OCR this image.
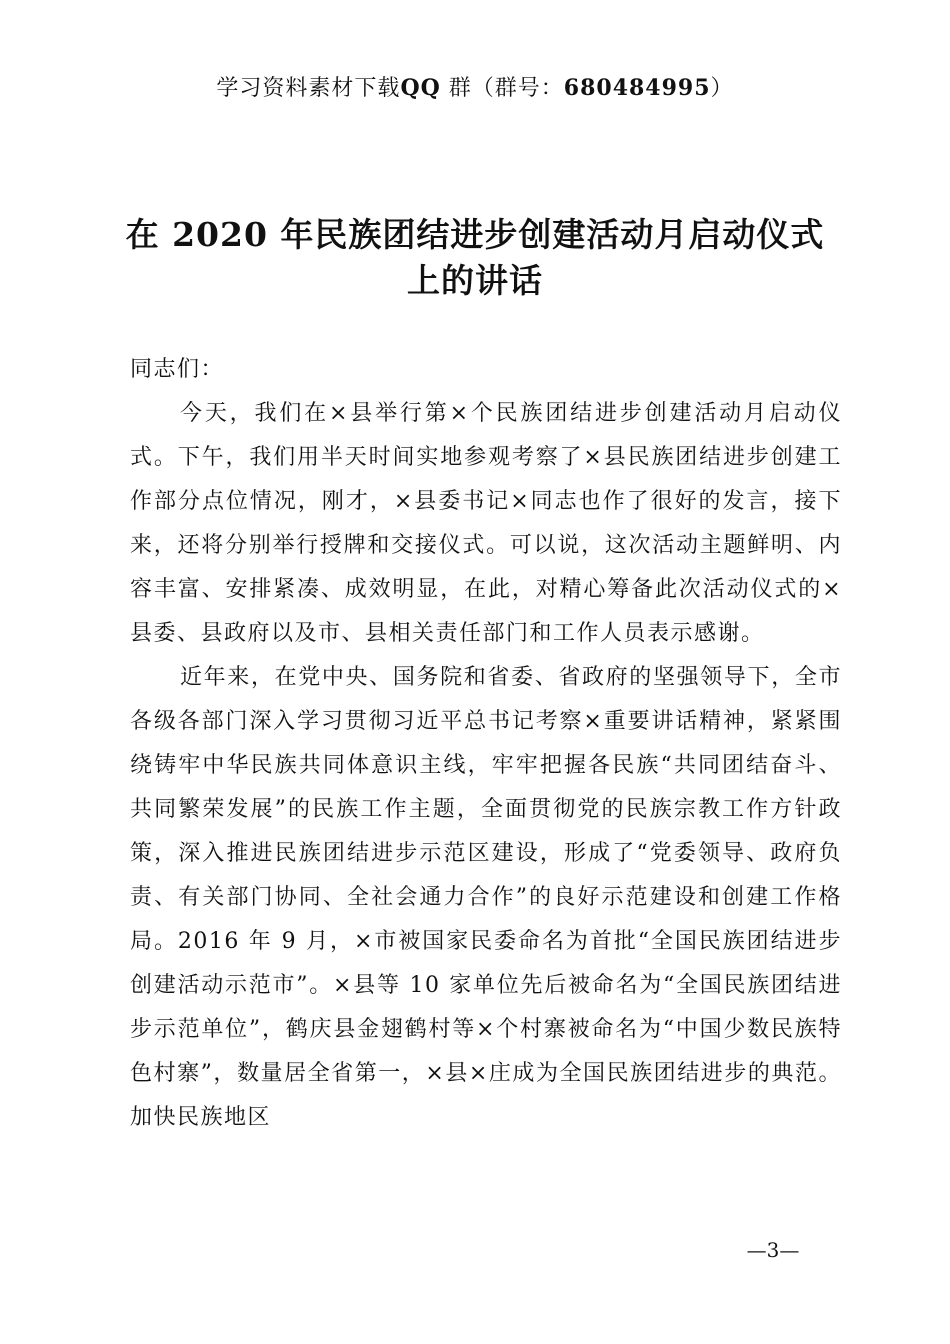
学习资料素材下载QQ 群（群号：680484995）
在 2020 年民族团结进步创建活动月启动仪式
上的讲话

同志们：

今天，我们在×县举行第×个民族团结进步创建活动月启动仪式。下午，我们用半天时间实地参观考察了×县民族团结进步创建工作部分点位情况，刚才，×县委书记×同志也作了很好的发言，接下来，还将分别举行授牌和交接仪式。可以说，这次活动主题鲜明、内容丰富、安排紧凑、成效明显，在此，对精心筹备此次活动仪式的×县委、县政府以及市、县相关责任部门和工作人员表示感谢。

近年来，在党中央、国务院和省委、省政府的坚强领导下，全市各级各部门深入学习贯彻习近平总书记考察×重要讲话精神，紧紧围绕铸牢中华民族共同体意识主线，牢牢把握各民族“共同团结奋斗、共同繁荣发展”的民族工作主题，全面贯彻党的民族宗教工作方针政策，深入推进民族团结进步示范区建设，形成了“党委领导、政府负责、有关部门协同、全社会通力合作”的良好示范建设和创建工作格局。2016 年 9 月，×市被国家民委命名为首批“全国民族团结进步创建活动示范市”。×县等 10 家单位先后被命名为“全国民族团结进步示范单位”，鹤庆县金翅鹤村等×个村寨被命名为“中国少数民族特色村寨”，数量居全省第一，×县×庄成为全国民族团结进步的典范。加快民族地区

—3—
